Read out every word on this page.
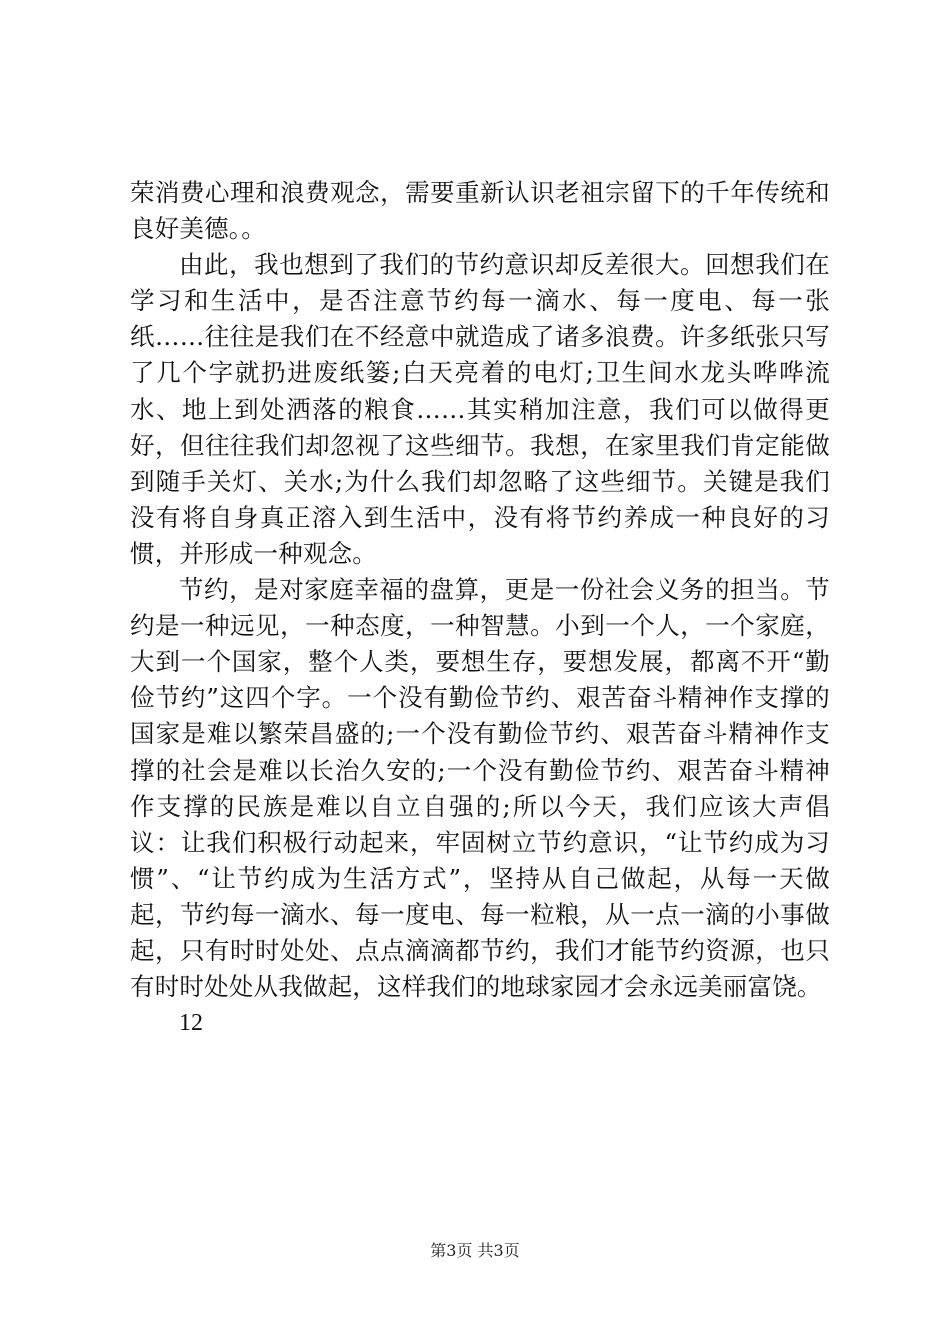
荣消费心理和浪费观念，需要重新认识老祖宗留下的千年传统和良好美德。。

由此，我也想到了我们的节约意识却反差很大。回想我们在学习和生活中，是否注意节约每一滴水、每一度电、每一张纸……往往是我们在不经意中就造成了诸多浪费。许多纸张只写了几个字就扔进废纸篓;白天亮着的电灯;卫生间水龙头哗哗流水、地上到处洒落的粮食……其实稍加注意，我们可以做得更好，但往往我们却忽视了这些细节。我想，在家里我们肯定能做到随手关灯、关水;为什么我们却忽略了这些细节。关键是我们没有将自身真正溶入到生活中，没有将节约养成一种良好的习惯，并形成一种观念。

节约，是对家庭幸福的盘算，更是一份社会义务的担当。节约是一种远见，一种态度，一种智慧。小到一个人，一个家庭，大到一个国家，整个人类，要想生存，要想发展，都离不开“勤俭节约”这四个字。一个没有勤俭节约、艰苦奋斗精神作支撑的国家是难以繁荣昌盛的;一个没有勤俭节约、艰苦奋斗精神作支撑的社会是难以长治久安的;一个没有勤俭节约、艰苦奋斗精神作支撑的民族是难以自立自强的;所以今天，我们应该大声倡议：让我们积极行动起来，牢固树立节约意识，“让节约成为习惯”、“让节约成为生活方式”，坚持从自己做起，从每一天做起，节约每一滴水、每一度电、每一粒粮，从一点一滴的小事做起，只有时时处处、点点滴滴都节约，我们才能节约资源，也只有时时处处从我做起，这样我们的地球家园才会永远美丽富饶。

12

第3页 共3页
